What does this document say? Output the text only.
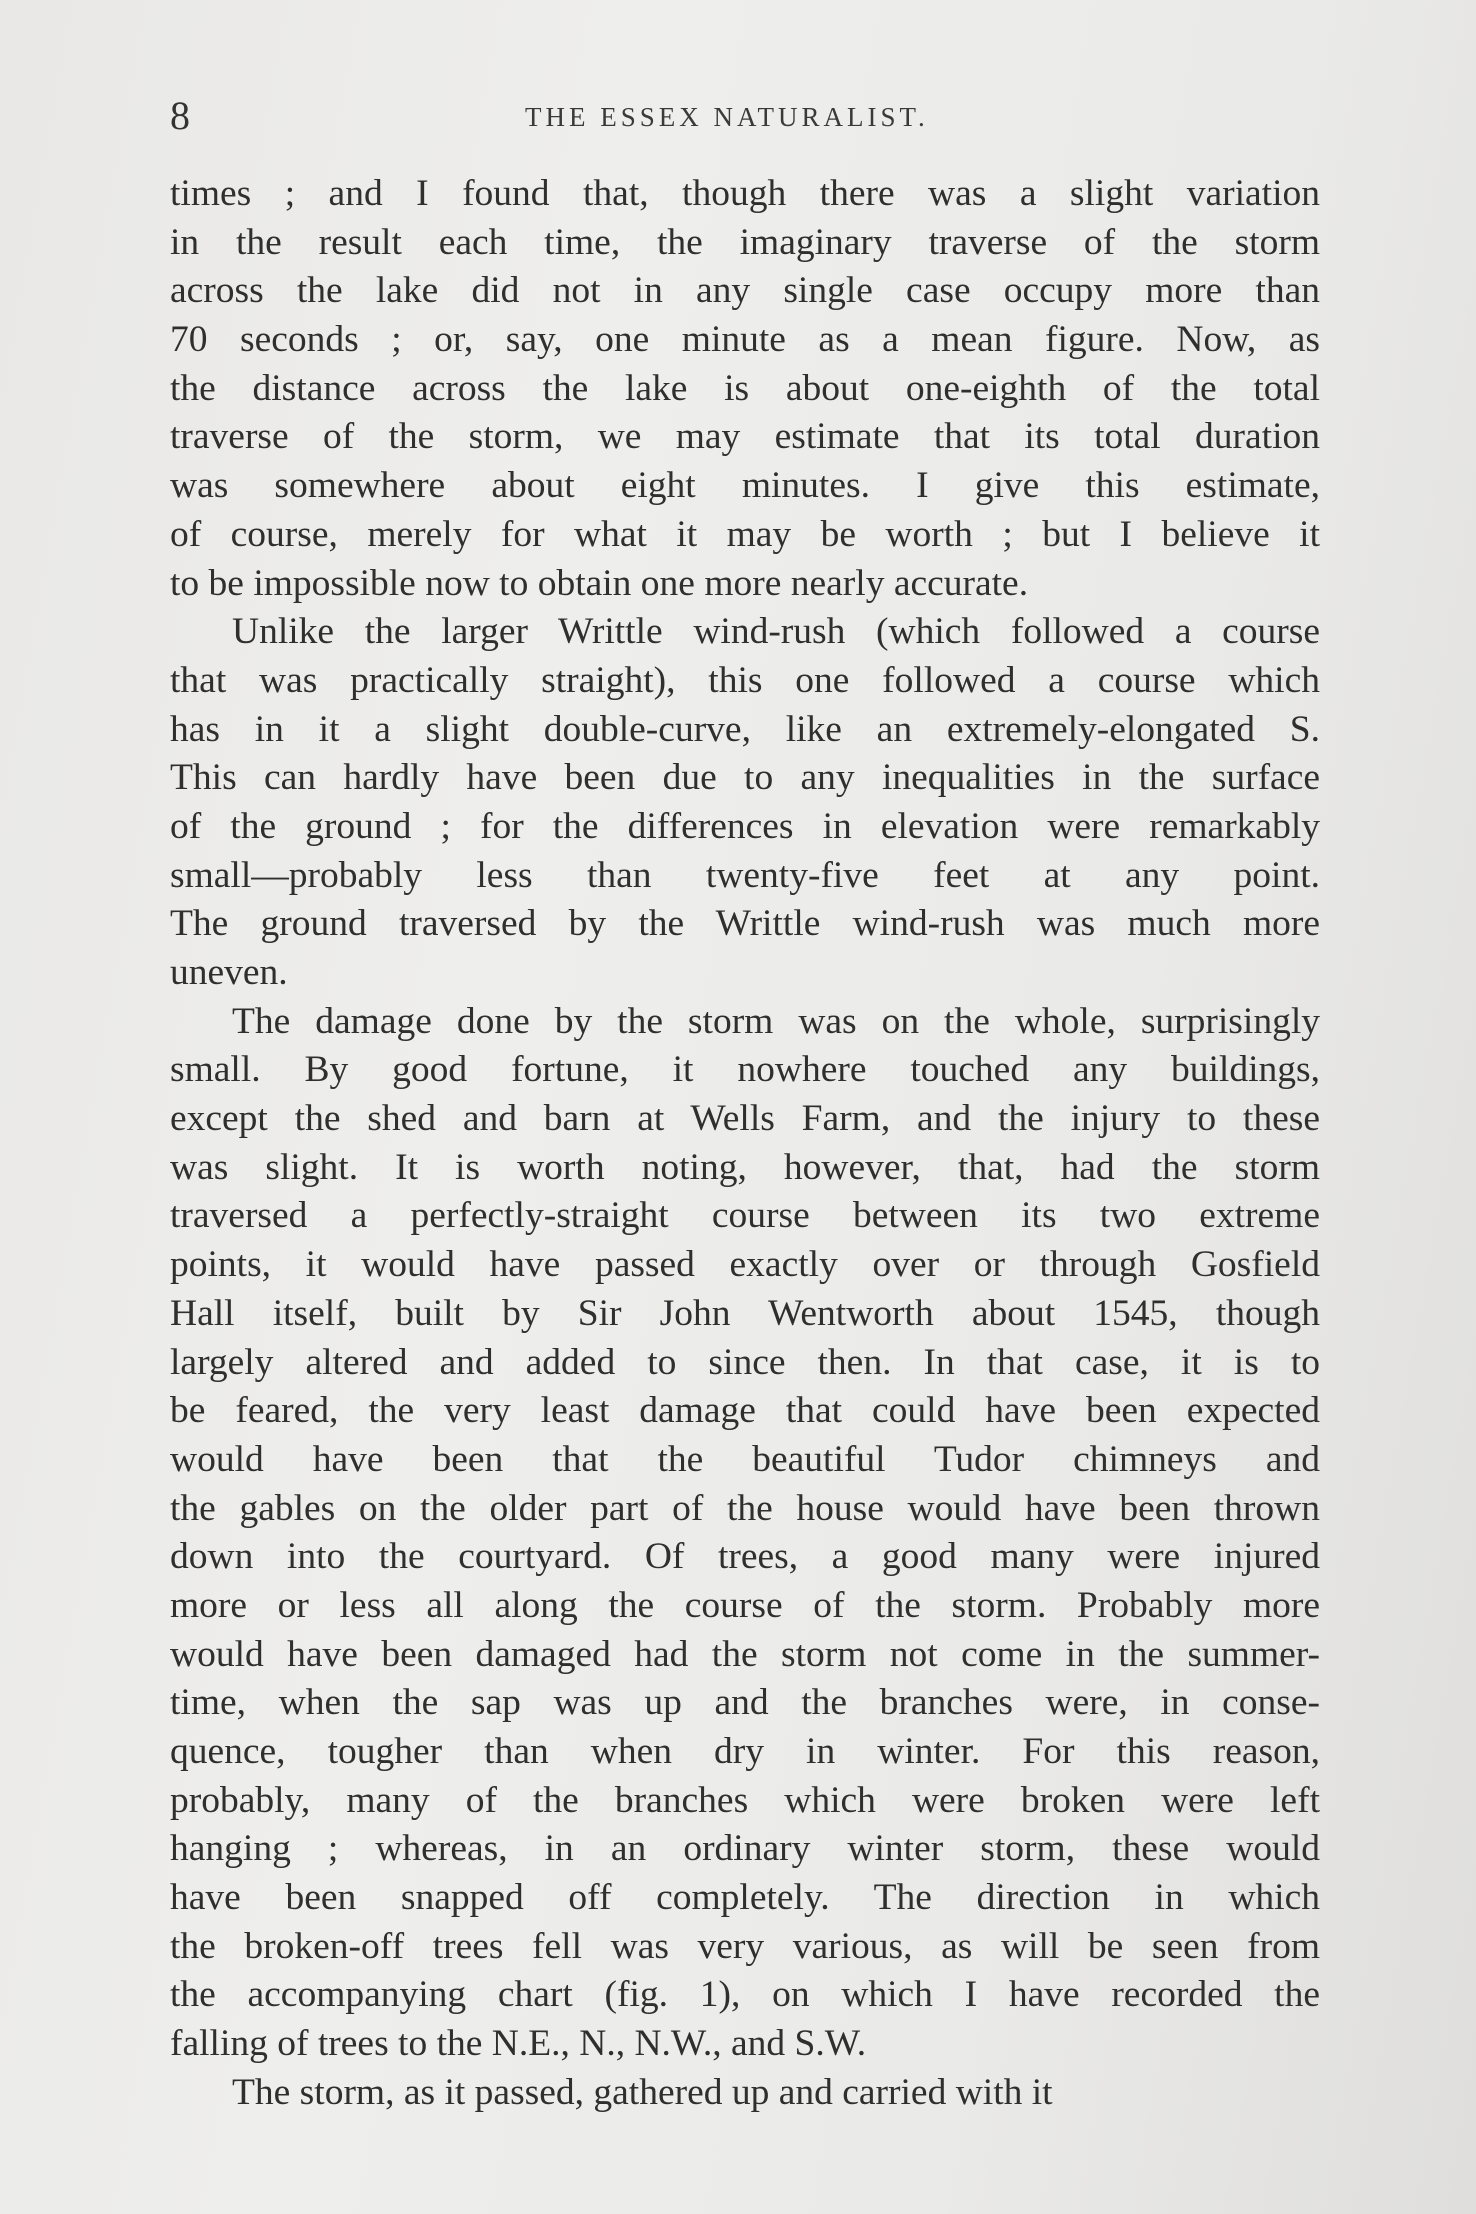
8	THE ESSEX NATURALIST.

times ; and I found that, though there was a slight variation
in the result each time, the imaginary traverse of the storm
across the lake did not in any single case occupy more than
70 seconds ; or, say, one minute as a mean figure. Now, as
the distance across the lake is about one-eighth of the total
traverse of the storm, we may estimate that its total duration
was somewhere about eight minutes. I give this estimate,
of course, merely for what it may be worth ; but I believe it
to be impossible now to obtain one more nearly accurate.

Unlike the larger Writtle wind-rush (which followed a course
that was practically straight), this one followed a course which
has in it a slight double-curve, like an extremely-elongated S.
This can hardly have been due to any inequalities in the surface
of the ground ; for the differences in elevation were remarkably
small—probably less than twenty-five feet at any point.
The ground traversed by the Writtle wind-rush was much more
uneven.

The damage done by the storm was on the whole, surprisingly
small. By good fortune, it nowhere touched any buildings,
except the shed and barn at Wells Farm, and the injury to these
was slight. It is worth noting, however, that, had the storm
traversed a perfectly-straight course between its two extreme
points, it would have passed exactly over or through Gosfield
Hall itself, built by Sir John Wentworth about 1545, though
largely altered and added to since then. In that case, it is to
be feared, the very least damage that could have been expected
would have been that the beautiful Tudor chimneys and
the gables on the older part of the house would have been thrown
down into the courtyard. Of trees, a good many were injured
more or less all along the course of the storm. Probably more
would have been damaged had the storm not come in the summer-
time, when the sap was up and the branches were, in conse-
quence, tougher than when dry in winter. For this reason,
probably, many of the branches which were broken were left
hanging ; whereas, in an ordinary winter storm, these would
have been snapped off completely. The direction in which
the broken-off trees fell was very various, as will be seen from
the accompanying chart (fig. 1), on which I have recorded the
falling of trees to the N.E., N., N.W., and S.W.

The storm, as it passed, gathered up and carried with it
